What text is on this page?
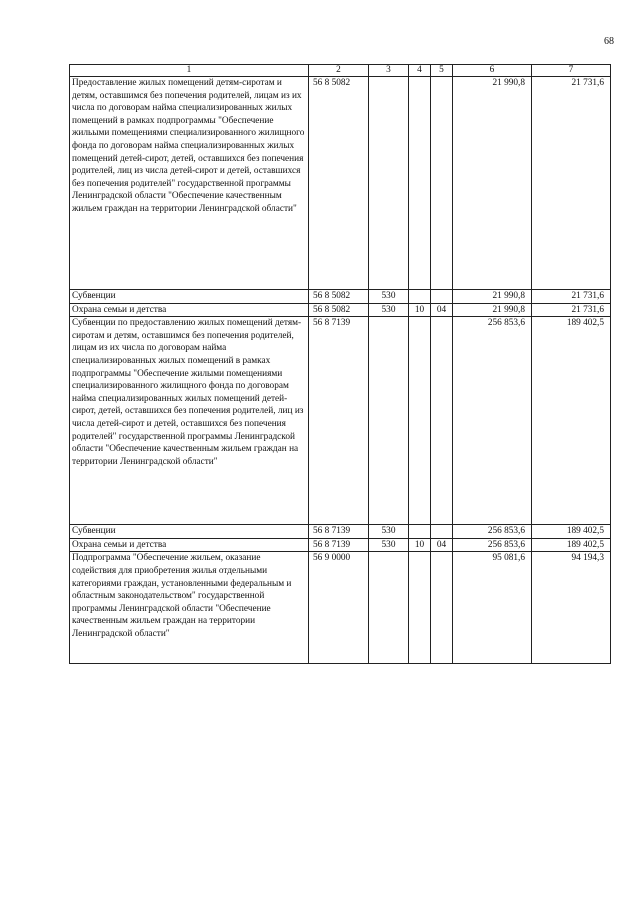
68
1	2	3	4	5	6	7
Предоставление жилых помещений детям-сиротам и детям, оставшимся без попечения родителей, лицам из их числа по договорам найма специализированных жилых помещений в рамках подпрограммы "Обеспечение жильыми помещениями специализированного жилищного фонда по договорам найма специализированных жилых помещений детей-сирот, детей, оставшихся без попечения родителей, лиц из числа детей-сирот и детей, оставшихся без попечения родителей" государственной программы Ленинградской области "Обеспечение качественным жильем граждан на территории Ленинградской области"	56 8 5082				21 990,8	21 731,6
Субвенции	56 8 5082	530			21 990,8	21 731,6
Охрана семьи и детства	56 8 5082	530	10	04	21 990,8	21 731,6
Субвенции по предоставлению жилых помещений детям-сиротам и детям, оставшимся без попечения родителей, лицам из их числа по договорам найма специализированных жилых помещений в рамках подпрограммы "Обеспечение жилыми помещениями специализированного жилищного фонда по договорам найма специализированных жилых помещений детей-сирот, детей, оставшихся без попечения родителей, лиц из числа детей-сирот и детей, оставшихся без попечения родителей" государственной программы Ленинградской области "Обеспечение качественным жильем граждан на территории Ленинградской области"	56 8 7139				256 853,6	189 402,5
Субвенции	56 8 7139	530			256 853,6	189 402,5
Охрана семьи и детства	56 8 7139	530	10	04	256 853,6	189 402,5
Подпрограмма "Обеспечение жильем, оказание содействия для приобретения жилья отдельными категориями граждан, установленными федеральным и областным законодательством" государственной программы Ленинградской области "Обеспечение качественным жильем граждан на территории Ленинградской области"	56 9 0000				95 081,6	94 194,3
